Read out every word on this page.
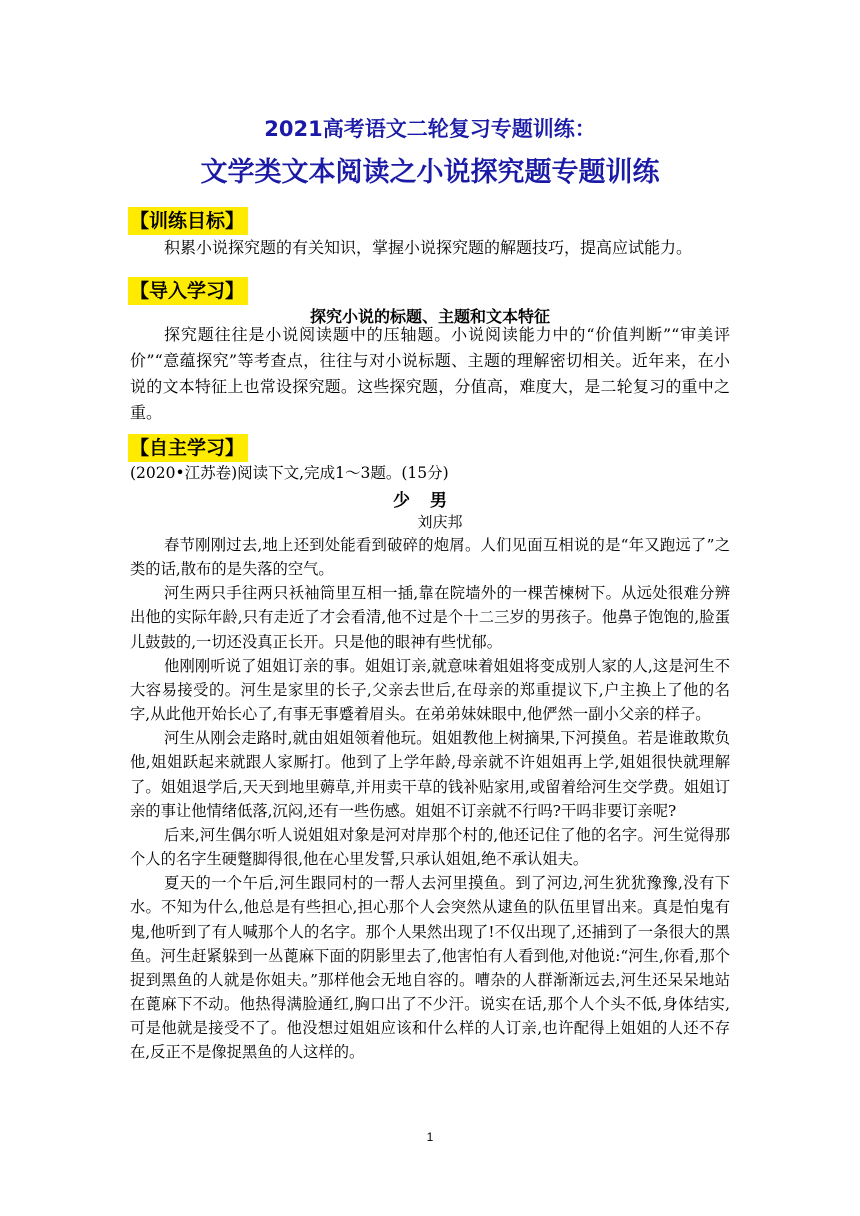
2021高考语文二轮复习专题训练：
文学类文本阅读之小说探究题专题训练
【训练目标】

积累小说探究题的有关知识，掌握小说探究题的解题技巧，提高应试能力。

【导入学习】
探究小说的标题、主题和文本特征

探究题往往是小说阅读题中的压轴题。小说阅读能力中的“价值判断”“审美评价”“意蕴探究”等考查点，往往与对小说标题、主题的理解密切相关。近年来，在小说的文本特征上也常设探究题。这些探究题，分值高，难度大，是二轮复习的重中之重。

【自主学习】

(2020•江苏卷)阅读下文,完成1～3题。(15分)

少男
刘庆邦

春节刚刚过去,地上还到处能看到破碎的炮屑。人们见面互相说的是“年又跑远了”之类的话,散布的是失落的空气。

河生两只手往两只袄袖筒里互相一插,靠在院墙外的一棵苦楝树下。从远处很难分辨出他的实际年龄,只有走近了才会看清,他不过是个十二三岁的男孩子。他鼻子饱饱的,脸蛋儿鼓鼓的,一切还没真正长开。只是他的眼神有些忧郁。

他刚刚听说了姐姐订亲的事。姐姐订亲,就意味着姐姐将变成别人家的人,这是河生不大容易接受的。河生是家里的长子,父亲去世后,在母亲的郑重提议下,户主换上了他的名字,从此他开始长心了,有事无事蹙着眉头。在弟弟妹妹眼中,他俨然一副小父亲的样子。

河生从刚会走路时,就由姐姐领着他玩。姐姐教他上树摘果,下河摸鱼。若是谁敢欺负他,姐姐跃起来就跟人家厮打。他到了上学年龄,母亲就不许姐姐再上学,姐姐很快就理解了。姐姐退学后,天天到地里薅草,并用卖干草的钱补贴家用,或留着给河生交学费。姐姐订亲的事让他情绪低落,沉闷,还有一些伤感。姐姐不订亲就不行吗?干吗非要订亲呢?

后来,河生偶尔听人说姐姐对象是河对岸那个村的,他还记住了他的名字。河生觉得那个人的名字生硬蹩脚得很,他在心里发誓,只承认姐姐,绝不承认姐夫。

夏天的一个午后,河生跟同村的一帮人去河里摸鱼。到了河边,河生犹犹豫豫,没有下水。不知为什么,他总是有些担心,担心那个人会突然从逮鱼的队伍里冒出来。真是怕鬼有鬼,他听到了有人喊那个人的名字。那个人果然出现了!不仅出现了,还捕到了一条很大的黑鱼。河生赶紧躲到一丛蓖麻下面的阴影里去了,他害怕有人看到他,对他说:“河生,你看,那个捉到黑鱼的人就是你姐夫。”那样他会无地自容的。嘈杂的人群渐渐远去,河生还呆呆地站在蓖麻下不动。他热得满脸通红,胸口出了不少汗。说实在话,那个人个头不低,身体结实,可是他就是接受不了。他没想过姐姐应该和什么样的人订亲,也许配得上姐姐的人还不存在,反正不是像捉黑鱼的人这样的。

1
